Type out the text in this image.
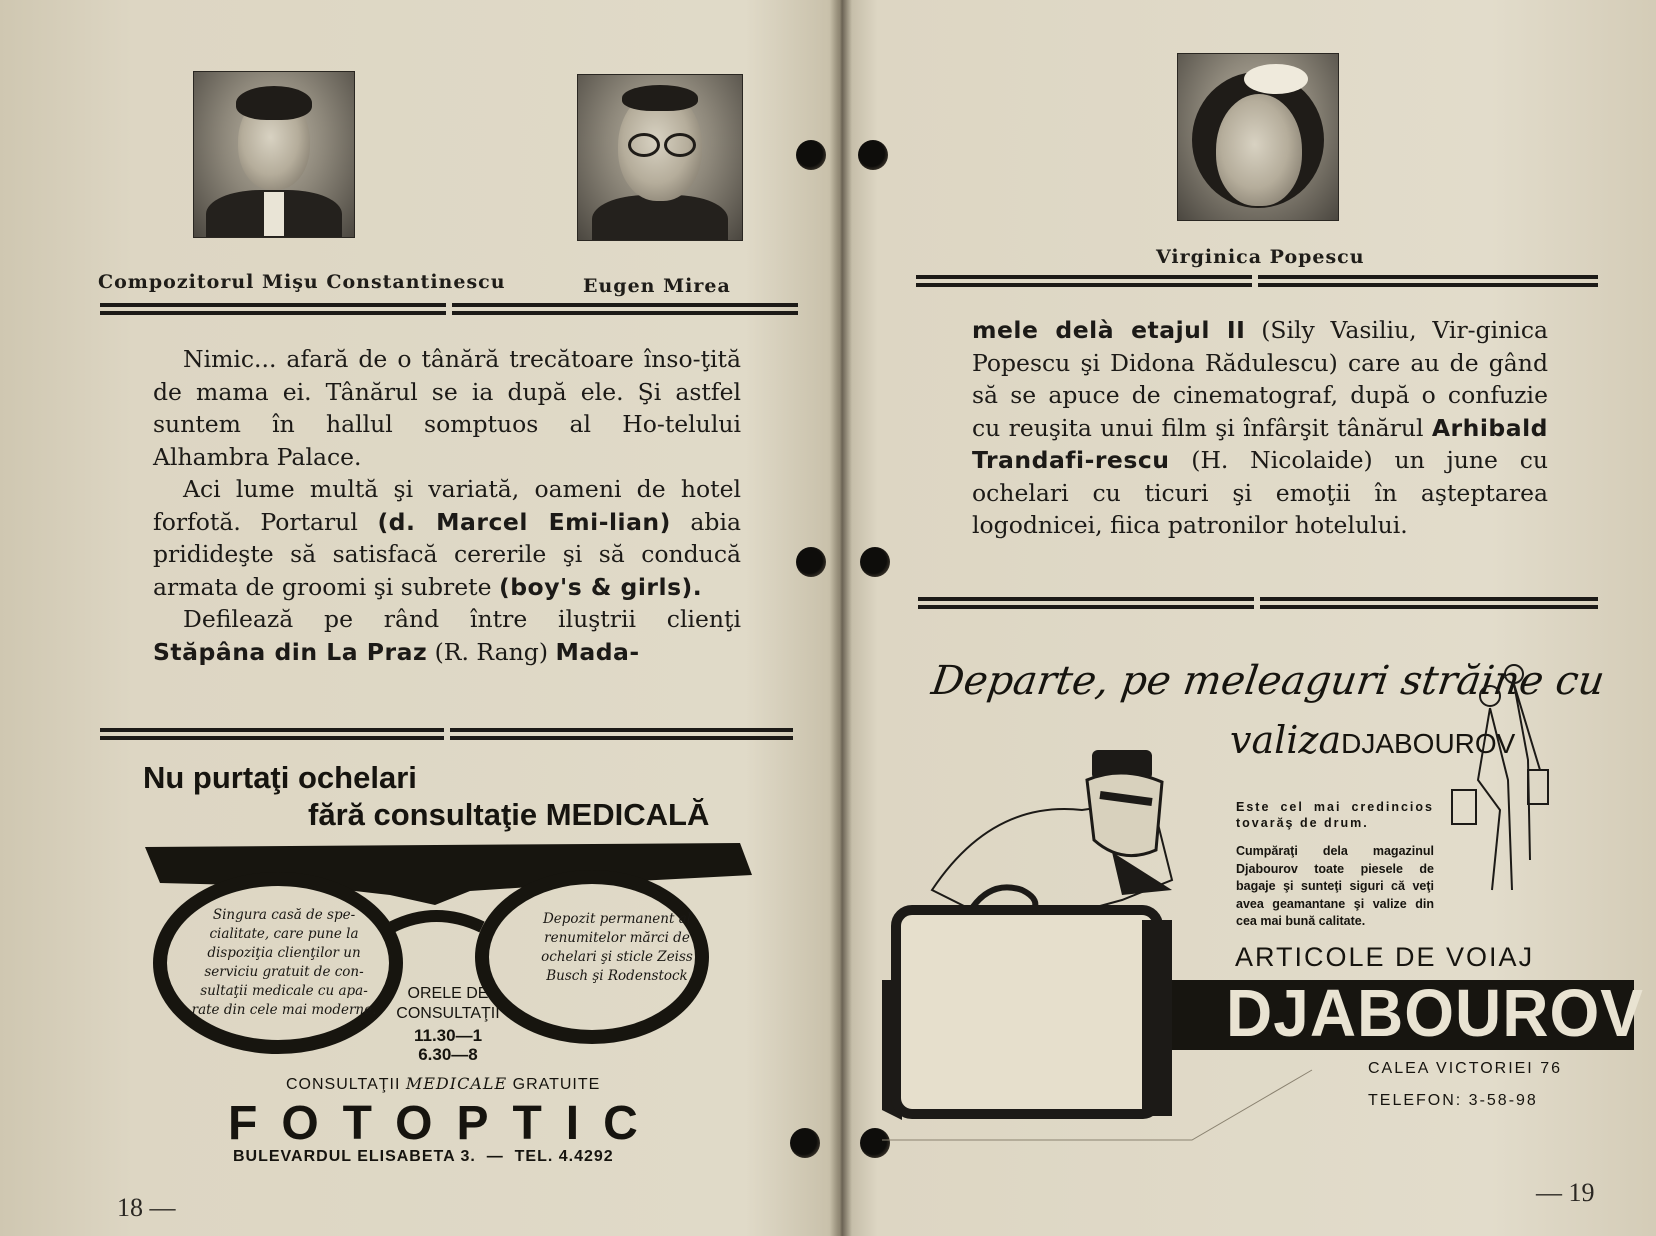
Compozitorul Mişu Constantinescu	Eugen Mirea

Nimic... afară de o tânără trecătoare înso-ţită de mama ei. Tânărul se ia după ele. Şi astfel suntem în hallul somptuos al Ho-telului Alhambra Palace.

Aci lume multă şi variată, oameni de hotel forfotă. Portarul (d. Marcel Emi-lian) abia pridideşte să satisfacă cererile şi să conducă armata de groomi şi subrete (boy's & girls).

Defilează pe rând între iluştrii clienţi Stăpâna din La Praz (R. Rang) Mada-

Nu purtaţi ochelari
fără consultaţie MEDICALĂ
Singura casă de spe-cialitate, care pune la dispoziţia clienţilor un serviciu gratuit de con-sultaţii medicale cu apa-rate din cele mai moderne.
Depozit permanent al renumitelor mărci de ochelari şi sticle Zeiss Busch şi Rodenstock
ORELE DE CONSULTAŢII
11.30—1
6.30—8
CONSULTAŢII MEDICALE GRATUITE
FOTOPTIC
BULEVARDUL ELISABETA 3.  —  TEL. 4.4292
18 —
Virginica Popescu

mele delà etajul II (Sily Vasiliu, Vir-ginica Popescu şi Didona Rădulescu) care au de gând să se apuce de cinematograf, după o confuzie cu reuşita unui film şi înfârşit tânărul Arhibald Trandafi-rescu (H. Nicolaide) un june cu ochelari cu ticuri şi emoţii în aşteptarea logodnicei, fiica patronilor hotelului.

Departe, pe meleaguri străine cu
valizaDJABOUROV
Este cel mai credincios tovarăş de drum.
Cumpăraţi dela magazinul Djabourov toate piesele de bagaje şi sunteţi siguri că veţi avea geamantane şi valize din cea mai bună calitate.
ARTICOLE DE VOIAJ
DJABOUROV
CALEA VICTORIEI 76
TELEFON: 3-58-98
— 19
